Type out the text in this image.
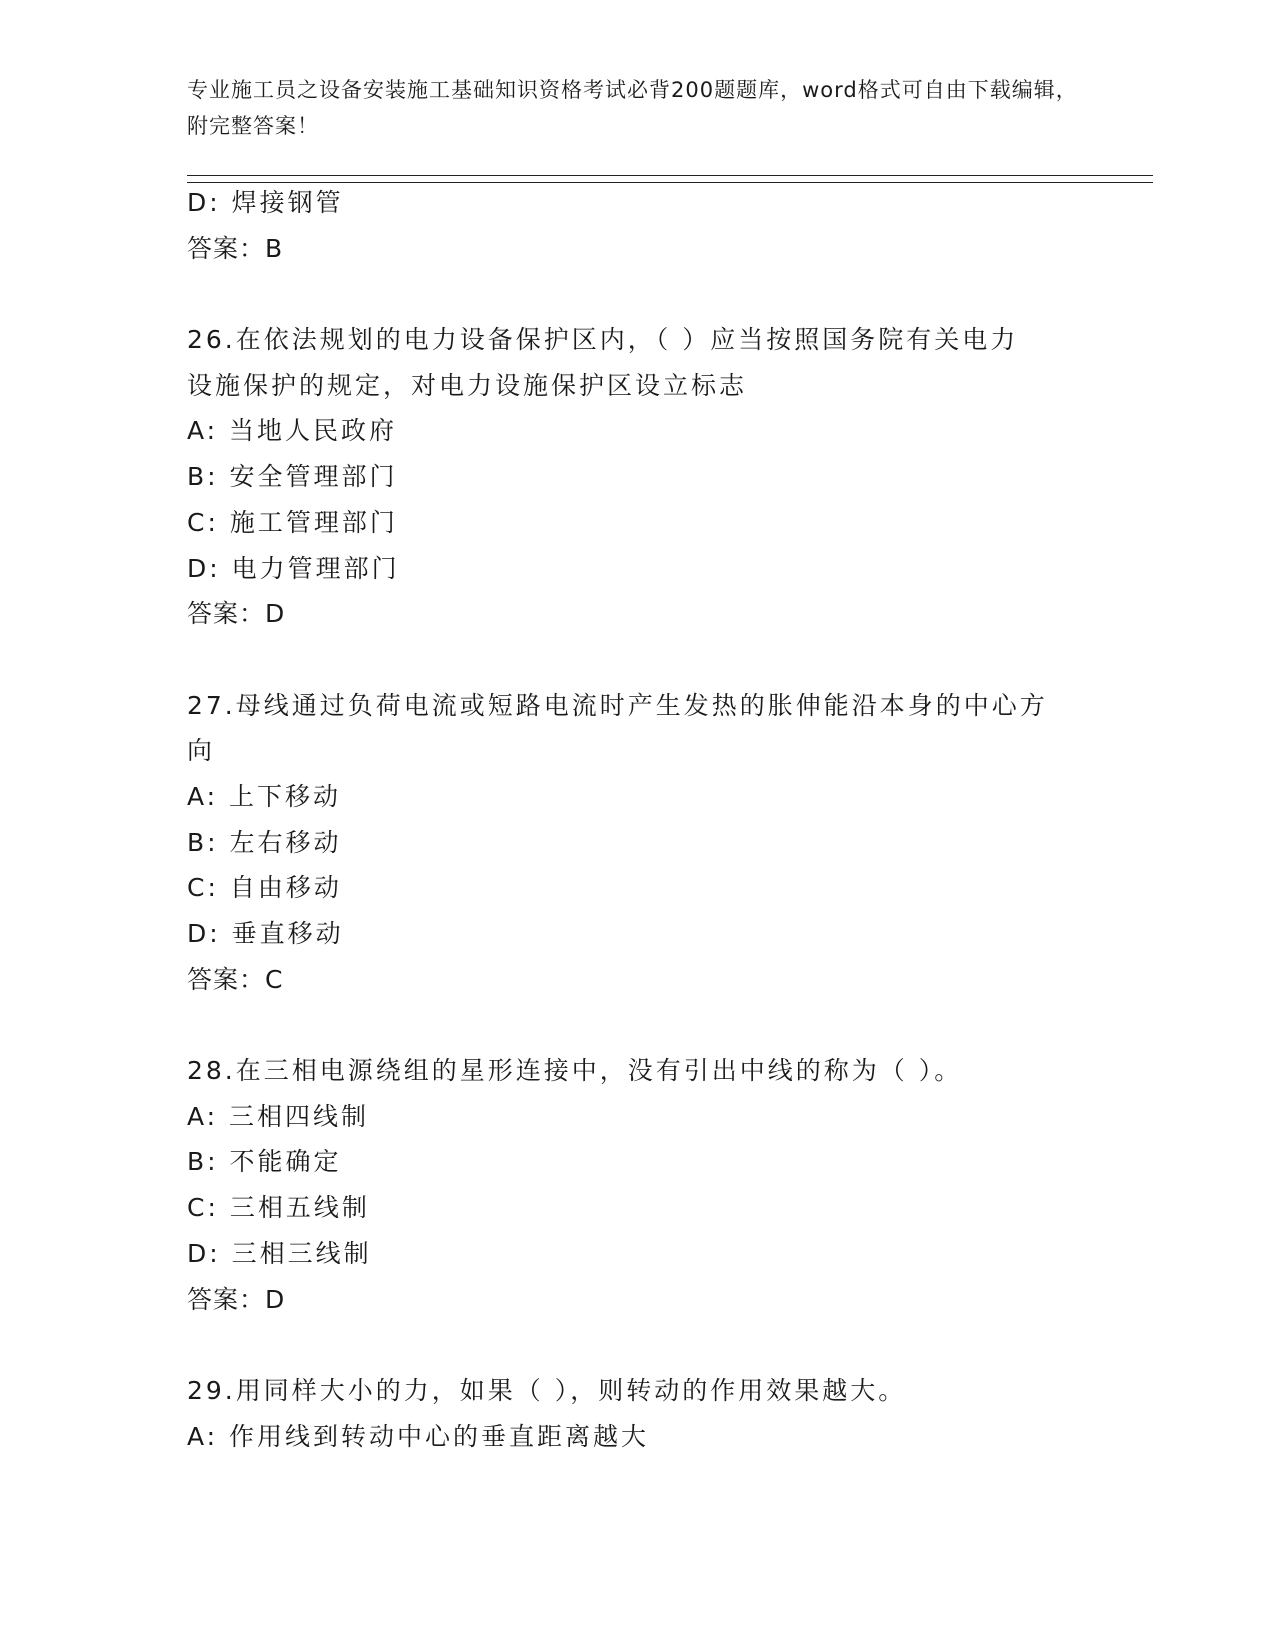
专业施工员之设备安装施工基础知识资格考试必背200题题库，word格式可自由下载编辑，附完整答案！
D: 焊接钢管
答案：B
26.在依法规划的电力设备保护区内，（ ）应当按照国务院有关电力
设施保护的规定，对电力设施保护区设立标志
A: 当地人民政府
B: 安全管理部门
C: 施工管理部门
D: 电力管理部门
答案：D
27.母线通过负荷电流或短路电流时产生发热的胀伸能沿本身的中心方
向
A: 上下移动
B: 左右移动
C: 自由移动
D: 垂直移动
答案：C
28.在三相电源绕组的星形连接中，没有引出中线的称为（ ）。
A: 三相四线制
B: 不能确定
C: 三相五线制
D: 三相三线制
答案：D
29.用同样大小的力，如果（ ），则转动的作用效果越大。
A: 作用线到转动中心的垂直距离越大
